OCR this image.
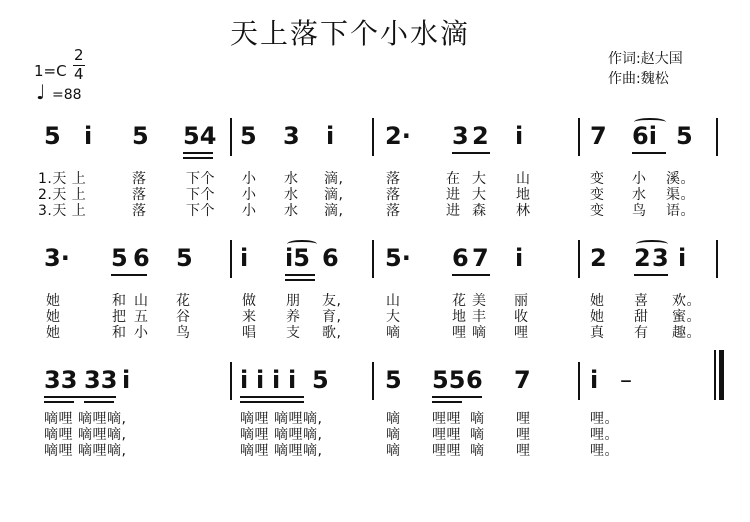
天上落下个小水滴
作词:赵大国
作曲:魏松
1=C
2
4
♩ =88
5 i 5 54 5 3 i 2· 3 2 i	7 6i 5
1.天 上	落	下个 小 水 滴,	落	在 大 山	变 小 溪。
2.天 上	落	下个 小 水 滴,	落	进 大 地	变 水 渠。
3.天 上	落	下个 小 水 滴,	落	进 森 林	变 鸟 语。
3· 5 6 5 i i5 6 5· 6 7 i	2 2 3 i
她	和 山 花	做 朋 友,	山	花 美 丽	她 喜 欢。
她	把 五 谷	来 养 育,	大	地 丰 收	她 甜 蜜。
她	和 小 鸟	唱 支 歌,	嘀	哩 嘀 哩	真 有 趣。
33 33 i	i i i i 5 5 55 6 7 i –
嘀哩 嘀哩嘀,	嘀哩 嘀哩嘀,	嘀 哩哩 嘀 哩	哩。
嘀哩 嘀哩嘀,	嘀哩 嘀哩嘀,	嘀 哩哩 嘀 哩	哩。
嘀哩 嘀哩嘀,	嘀哩 嘀哩嘀,	嘀 哩哩 嘀 哩	哩。
